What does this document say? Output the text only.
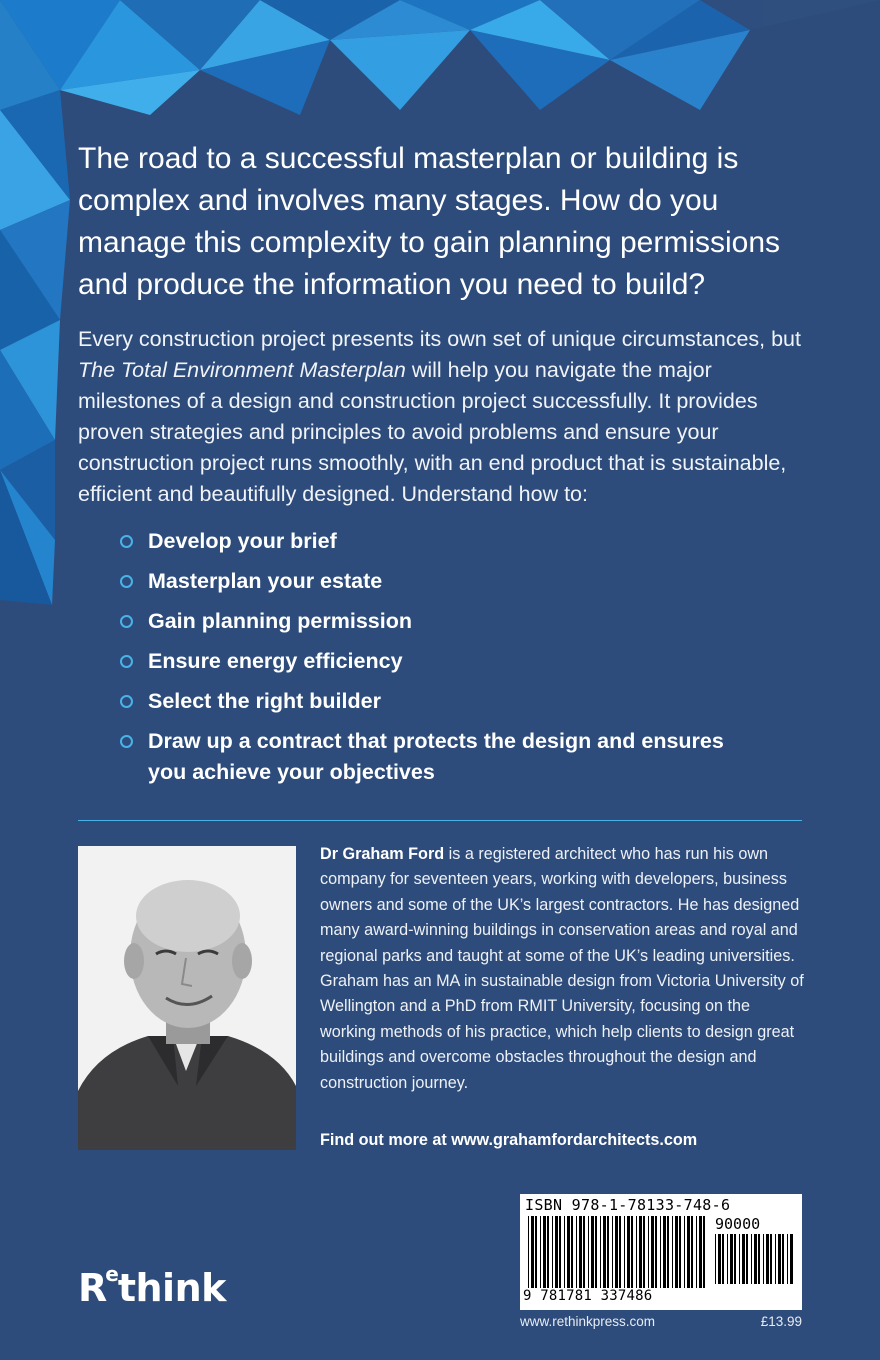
The road to a successful masterplan or building is complex and involves many stages. How do you manage this complexity to gain planning permissions and produce the information you need to build?
Every construction project presents its own set of unique circumstances, but The Total Environment Masterplan will help you navigate the major milestones of a design and construction project successfully. It provides proven strategies and principles to avoid problems and ensure your construction project runs smoothly, with an end product that is sustainable, efficient and beautifully designed. Understand how to:
Develop your brief
Masterplan your estate
Gain planning permission
Ensure energy efficiency
Select the right builder
Draw up a contract that protects the design and ensures you achieve your objectives
Dr Graham Ford is a registered architect who has run his own company for seventeen years, working with developers, business owners and some of the UK’s largest contractors. He has designed many award-winning buildings in conservation areas and royal and regional parks and taught at some of the UK’s leading universities. Graham has an MA in sustainable design from Victoria University of Wellington and a PhD from RMIT University, focusing on the working methods of his practice, which help clients to design great buildings and overcome obstacles throughout the design and construction journey.
Find out more at www.grahamfordarchitects.com
R
e think
ISBN 978-1-78133-748-6
90000
9 781781 337486
www.rethinkpress.com	£13.99
